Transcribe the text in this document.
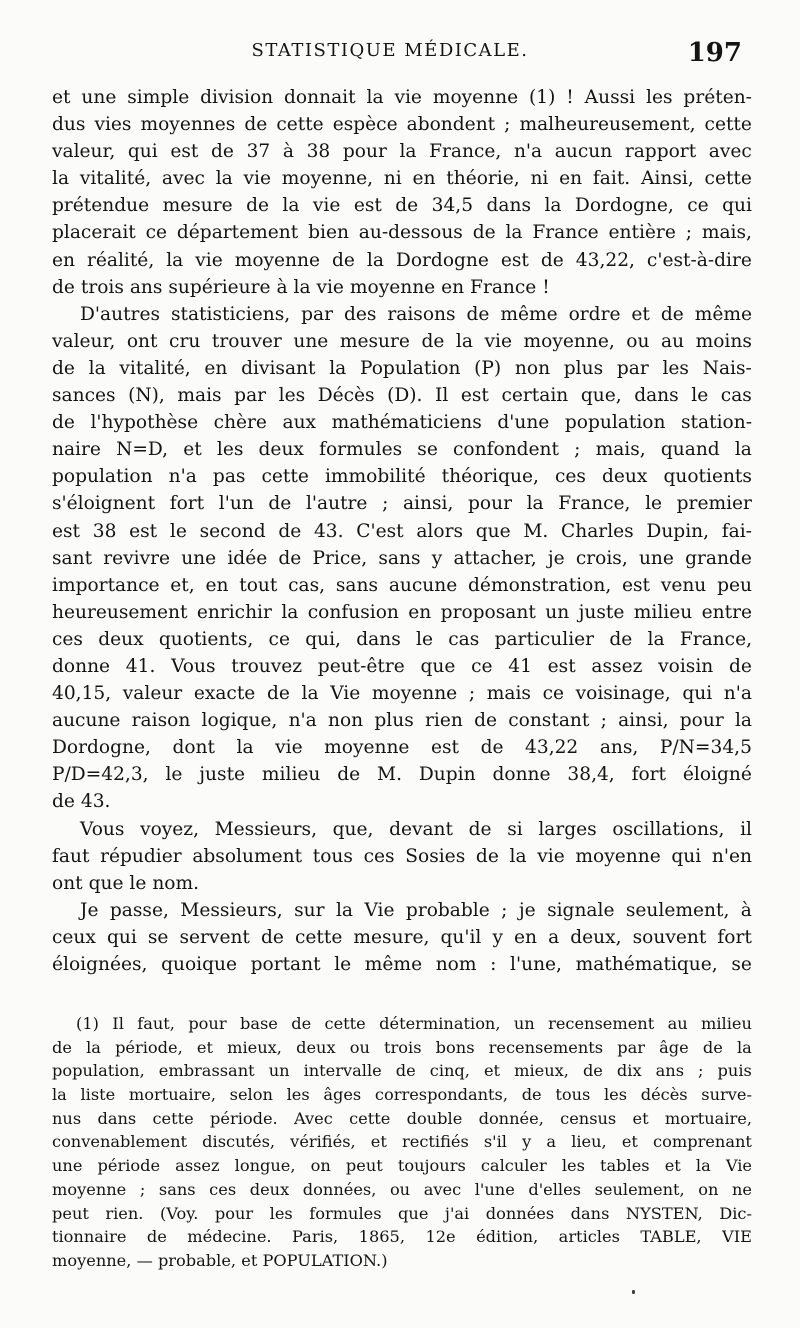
STATISTIQUE MÉDICALE.	197
et une simple division donnait la vie moyenne (1) ! Aussi les préten-
dus vies moyennes de cette espèce abondent ; malheureusement, cette
valeur, qui est de 37 à 38 pour la France, n'a aucun rapport avec
la vitalité, avec la vie moyenne, ni en théorie, ni en fait. Ainsi, cette
prétendue mesure de la vie est de 34,5 dans la Dordogne, ce qui
placerait ce département bien au-dessous de la France entière ; mais,
en réalité, la vie moyenne de la Dordogne est de 43,22, c'est-à-dire
de trois ans supérieure à la vie moyenne en France !
D'autres statisticiens, par des raisons de même ordre et de même
valeur, ont cru trouver une mesure de la vie moyenne, ou au moins
de la vitalité, en divisant la Population (P) non plus par les Nais-
sances (N), mais par les Décès (D). Il est certain que, dans le cas
de l'hypothèse chère aux mathématiciens d'une population station-
naire N=D, et les deux formules se confondent ; mais, quand la
population n'a pas cette immobilité théorique, ces deux quotients
s'éloignent fort l'un de l'autre ; ainsi, pour la France, le premier
est 38 est le second de 43. C'est alors que M. Charles Dupin, fai-
sant revivre une idée de Price, sans y attacher, je crois, une grande
importance et, en tout cas, sans aucune démonstration, est venu peu
heureusement enrichir la confusion en proposant un juste milieu entre
ces deux quotients, ce qui, dans le cas particulier de la France,
donne 41. Vous trouvez peut-être que ce 41 est assez voisin de
40,15, valeur exacte de la Vie moyenne ; mais ce voisinage, qui n'a
aucune raison logique, n'a non plus rien de constant ; ainsi, pour la
Dordogne, dont la vie moyenne est de 43,22 ans, P/N=34,5
P/D=42,3, le juste milieu de M. Dupin donne 38,4, fort éloigné
de 43.
Vous voyez, Messieurs, que, devant de si larges oscillations, il
faut répudier absolument tous ces Sosies de la vie moyenne qui n'en
ont que le nom.
Je passe, Messieurs, sur la Vie probable ; je signale seulement, à
ceux qui se servent de cette mesure, qu'il y en a deux, souvent fort
éloignées, quoique portant le même nom : l'une, mathématique, se
(1) Il faut, pour base de cette détermination, un recensement au milieu
de la période, et mieux, deux ou trois bons recensements par âge de la
population, embrassant un intervalle de cinq, et mieux, de dix ans ; puis
la liste mortuaire, selon les âges correspondants, de tous les décès surve-
nus dans cette période. Avec cette double donnée, census et mortuaire,
convenablement discutés, vérifiés, et rectifiés s'il y a lieu, et comprenant
une période assez longue, on peut toujours calculer les tables et la Vie
moyenne ; sans ces deux données, ou avec l'une d'elles seulement, on ne
peut rien. (Voy. pour les formules que j'ai données dans NYSTEN, Dic-
tionnaire de médecine. Paris, 1865, 12e édition, articles TABLE, VIE
moyenne, — probable, et POPULATION.)
